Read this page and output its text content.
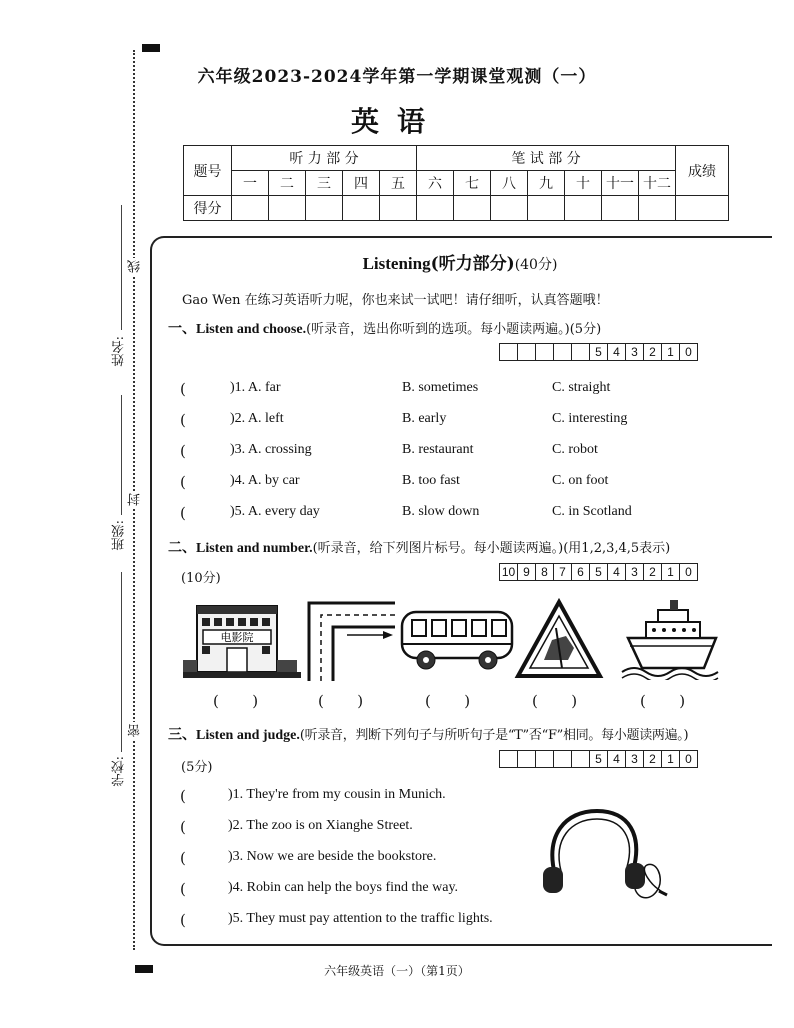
线
封
密
姓名:
班级:
学校:
六年级2023-2024学年第一学期课堂观测（一）
英语
题号	听 力 部 分					笔 试 部 分							成绩
	一	二	三	四	五	六	七	八	九	十	十一	十二	
得分													
Listening(听力部分)(40分)
Gao Wen 在练习英语听力呢，你也来试一试吧！请仔细听，认真答题哦！
一、Listen and choose.(听录音，选出你听到的选项。每小题读两遍。)(5分)
5 4 3 2 1 0
(	)1. A. far	B. sometimes	C. straight
(	)2. A. left	B. early	C. interesting
(	)3. A. crossing	B. restaurant	C. robot
(	)4. A. by car	B. too fast	C. on foot
(	)5. A. every day	B. slow down	C. in Scotland
二、Listen and number.(听录音，给下列图片标号。每小题读两遍。)(用1,2,3,4,5表示)
(10分)	10 9 8 7 6 5 4 3 2 1 0
电影院
(       )	(       )	(       )	(       )	(       )
三、Listen and judge.(听录音，判断下列句子与所听句子是“T”否“F”相同。每小题读两遍。)
(5分)
5 4 3 2 1 0
(	)1. They're from my cousin in Munich.
(	)2. The zoo is on Xianghe Street.
(	)3. Now we are beside the bookstore.
(	)4. Robin can help the boys find the way.
(	)5. They must pay attention to the traffic lights.
六年级英语（一）（第1页）
